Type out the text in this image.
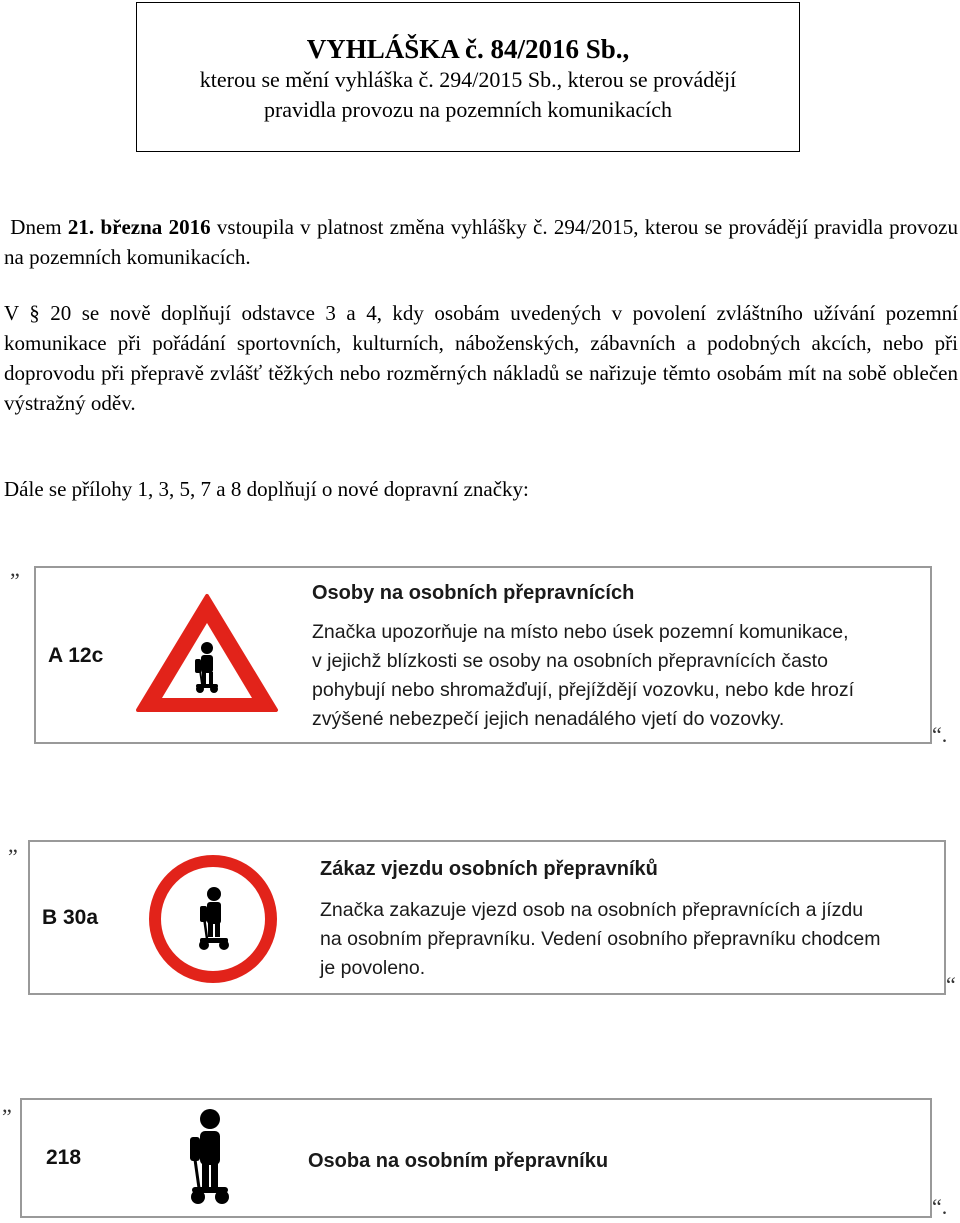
VYHLÁŠKA č. 84/2016 Sb.,
kterou se mění vyhláška č. 294/2015 Sb., kterou se provádějí
pravidla provozu na pozemních komunikacích
Dnem 21. března 2016 vstoupila v platnost změna vyhlášky č. 294/2015, kterou se provádějí pravidla provozu na pozemních komunikacích.
V § 20 se nově doplňují odstavce 3 a 4, kdy osobám uvedených v povolení zvláštního užívání pozemní komunikace při pořádání sportovních, kulturních, náboženských, zábavních a podobných akcích, nebo při doprovodu při přepravě zvlášť těžkých nebo rozměrných nákladů se nařizuje těmto osobám mít na sobě oblečen výstražný oděv.
Dále se přílohy 1, 3, 5, 7 a 8 doplňují o nové dopravní značky:
„
A 12c
Osoby na osobních přepravnících
Značka upozorňuje na místo nebo úsek pozemní komunikace,
v jejichž blízkosti se osoby na osobních přepravnících často
pohybují nebo shromažďují, přejíždějí vozovku, nebo kde hrozí
zvýšené nebezpečí jejich nenadálého vjetí do vozovky.
“.
„
B 30a
Zákaz vjezdu osobních přepravníků
Značka zakazuje vjezd osob na osobních přepravnících a jízdu
na osobním přepravníku. Vedení osobního přepravníku chodcem
je povoleno.
“
„
218	Osoba na osobním přepravníku
“.
